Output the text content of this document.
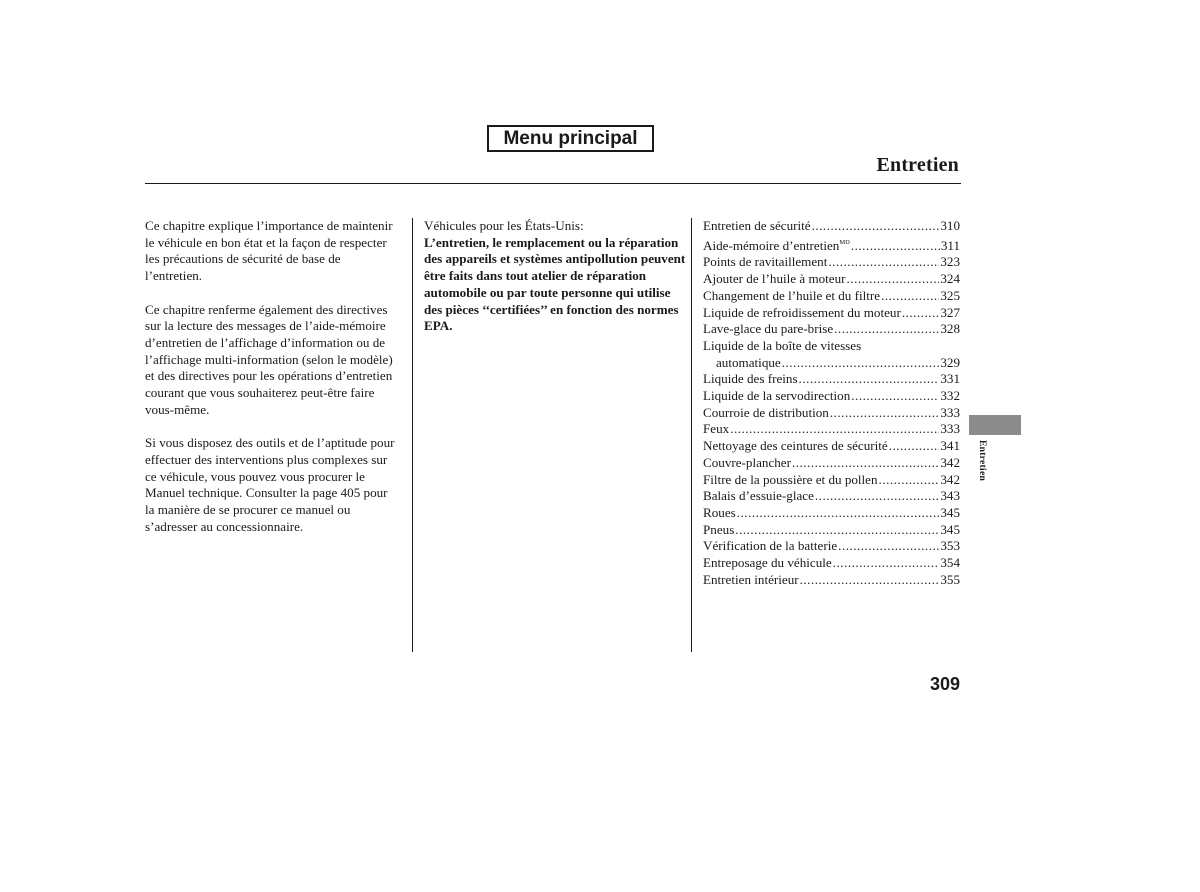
Menu principal
Entretien

Ce chapitre explique l’importance de maintenir le véhicule en bon état et la façon de respecter les précautions de sécurité de base de l’entretien.

Ce chapitre renferme également des directives sur la lecture des messages de l’aide-mémoire d’entretien de l’affichage d’information ou de l’affichage multi-information (selon le modèle) et des directives pour les opérations d’entretien courant que vous souhaiterez peut-être faire vous-même.

Si vous disposez des outils et de l’aptitude pour effectuer des interventions plus complexes sur ce véhicule, vous pouvez vous procurer le Manuel technique. Consulter la page 405 pour la manière de se procurer ce manuel ou s’adresser au concessionnaire.

Véhicules pour les États-Unis:

L’entretien, le remplacement ou la réparation des appareils et systèmes antipollution peuvent être faits dans tout atelier de réparation automobile ou par toute personne qui utilise des pièces ‘‘certifiées’’ en fonction des normes EPA.

Entretien de sécurité .....	310
Aide-mémoire d’entretien$^{MD}$ .....	311
Points de ravitaillement .....	323
Ajouter de l’huile à moteur .....	324
Changement de l’huile et du filtre .....	325
Liquide de refroidissement du moteur .....	327
Lave-glace du pare-brise .....	328
Liquide de la boîte de vitesses
automatique .....	329
Liquide des freins .....	331
Liquide de la servodirection .....	332
Courroie de distribution .....	333
Feux .....	333
Nettoyage des ceintures de sécurité .....	341
Couvre-plancher .....	342
Filtre de la poussière et du pollen .....	342
Balais d’essuie-glace .....	343
Roues .....	345
Pneus .....	345
Vérification de la batterie .....	353
Entreposage du véhicule .....	354
Entretien intérieur .....	355
Entretien
309
